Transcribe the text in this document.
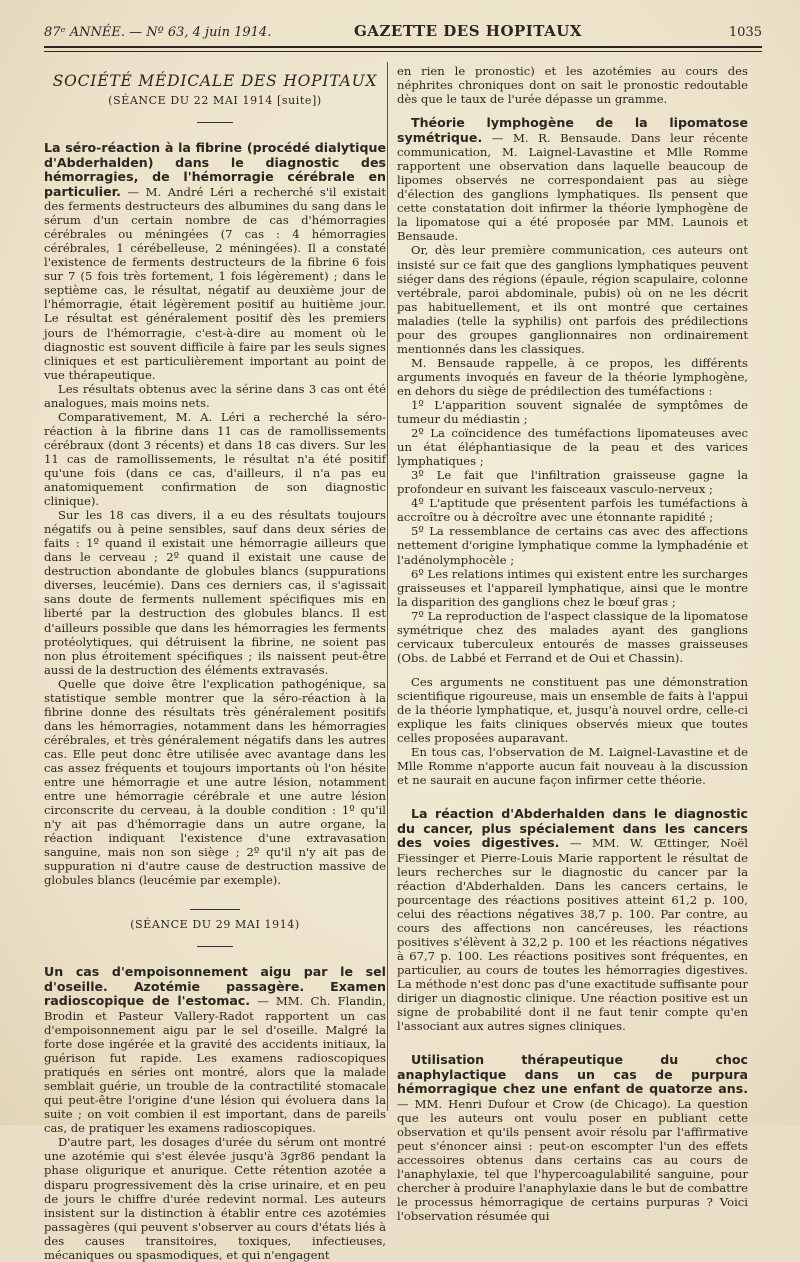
87ᵉ ANNÉE. — Nº 63, 4 juin 1914.	GAZETTE DES HOPITAUX	1035
SOCIÉTÉ MÉDICALE DES HOPITAUX
(SÉANCE DU 22 MAI 1914 [suite])

La séro-réaction à la fibrine (procédé dialytique d'Abderhalden) dans le diagnostic des hémorragies, de l'hémorragie cérébrale en particulier. — M. André Léri a recherché s'il existait des ferments destructeurs des albumines du sang dans le sérum d'un certain nombre de cas d'hémorragies cérébrales ou méningées (7 cas : 4 hémorragies cérébrales, 1 cérébelleuse, 2 méningées). Il a constaté l'existence de ferments destructeurs de la fibrine 6 fois sur 7 (5 fois très fortement, 1 fois légèrement) ; dans le septième cas, le résultat, négatif au deuxième jour de l'hémorragie, était légèrement positif au huitième jour. Le résultat est généralement positif dès les premiers jours de l'hémorragie, c'est-à-dire au moment où le diagnostic est souvent difficile à faire par les seuls signes cliniques et est particulièrement important au point de vue thérapeutique.

Les résultats obtenus avec la sérine dans 3 cas ont été analogues, mais moins nets.

Comparativement, M. A. Léri a recherché la séro-réaction à la fibrine dans 11 cas de ramollissements cérébraux (dont 3 récents) et dans 18 cas divers. Sur les 11 cas de ramollissements, le résultat n'a été positif qu'une fois (dans ce cas, d'ailleurs, il n'a pas eu anatomiquement confirmation de son diagnostic clinique).

Sur les 18 cas divers, il a eu des résultats toujours négatifs ou à peine sensibles, sauf dans deux séries de faits : 1º quand il existait une hémorragie ailleurs que dans le cerveau ; 2º quand il existait une cause de destruction abondante de globules blancs (suppurations diverses, leucémie). Dans ces derniers cas, il s'agissait sans doute de ferments nullement spécifiques mis en liberté par la destruction des globules blancs. Il est d'ailleurs possible que dans les hémorragies les ferments protéolytiques, qui détruisent la fibrine, ne soient pas non plus étroitement spécifiques ; ils naissent peut-être aussi de la destruction des éléments extravasés.

Quelle que doive être l'explication pathogénique, sa statistique semble montrer que la séro-réaction à la fibrine donne des résultats très généralement positifs dans les hémorragies, notamment dans les hémorragies cérébrales, et très généralement négatifs dans les autres cas. Elle peut donc être utilisée avec avantage dans les cas assez fréquents et toujours importants où l'on hésite entre une hémorragie et une autre lésion, notamment entre une hémorragie cérébrale et une autre lésion circonscrite du cerveau, à la double condition : 1º qu'il n'y ait pas d'hémorragie dans un autre organe, la réaction indiquant l'existence d'une extravasation sanguine, mais non son siège ; 2º qu'il n'y ait pas de suppuration ni d'autre cause de destruction massive de globules blancs (leucémie par exemple).

(SÉANCE DU 29 MAI 1914)

Un cas d'empoisonnement aigu par le sel d'oseille. Azotémie passagère. Examen radioscopique de l'estomac. — MM. Ch. Flandin, Brodin et Pasteur Vallery-Radot rapportent un cas d'empoisonnement aigu par le sel d'oseille. Malgré la forte dose ingérée et la gravité des accidents initiaux, la guérison fut rapide. Les examens radioscopiques pratiqués en séries ont montré, alors que la malade semblait guérie, un trouble de la contractilité stomacale qui peut-être l'origine d'une lésion qui évoluera dans la suite ; on voit combien il est important, dans de pareils cas, de pratiquer les examens radioscopiques.

D'autre part, les dosages d'urée du sérum ont montré une azotémie qui s'est élevée jusqu'à 3gr86 pendant la phase oligurique et anurique. Cette rétention azotée a disparu progressivement dès la crise urinaire, et en peu de jours le chiffre d'urée redevint normal. Les auteurs insistent sur la distinction à établir entre ces azotémies passagères (qui peuvent s'observer au cours d'états liés à des causes transitoires, toxiques, infectieuses, mécaniques ou spasmodiques, et qui n'engagent

en rien le pronostic) et les azotémies au cours des néphrites chroniques dont on sait le pronostic redoutable dès que le taux de l'urée dépasse un gramme.

Théorie lymphogène de la lipomatose symétrique. — M. R. Bensaude. Dans leur récente communication, M. Laignel-Lavastine et Mlle Romme rapportent une observation dans laquelle beaucoup de lipomes observés ne correspondaient pas au siège d'élection des ganglions lymphatiques. Ils pensent que cette constatation doit infirmer la théorie lymphogène de la lipomatose qui a été proposée par MM. Launois et Bensaude.

Or, dès leur première communication, ces auteurs ont insisté sur ce fait que des ganglions lymphatiques peuvent siéger dans des régions (épaule, région scapulaire, colonne vertébrale, paroi abdominale, pubis) où on ne les décrit pas habituellement, et ils ont montré que certaines maladies (telle la syphilis) ont parfois des prédilections pour des groupes ganglionnaires non ordinairement mentionnés dans les classiques.

M. Bensaude rappelle, à ce propos, les différents arguments invoqués en faveur de la théorie lymphogène, en dehors du siège de prédilection des tuméfactions :

1º L'apparition souvent signalée de symptômes de tumeur du médiastin ;

2º La coïncidence des tuméfactions lipomateuses avec un état éléphantiasique de la peau et des varices lymphatiques ;

3º Le fait que l'infiltration graisseuse gagne la profondeur en suivant les faisceaux vasculo-nerveux ;

4º L'aptitude que présentent parfois les tuméfactions à accroître ou à décroître avec une étonnante rapidité ;

5º La ressemblance de certains cas avec des affections nettement d'origine lymphatique comme la lymphadénie et l'adénolymphocèle ;

6º Les relations intimes qui existent entre les surcharges graisseuses et l'appareil lymphatique, ainsi que le montre la disparition des ganglions chez le bœuf gras ;

7º La reproduction de l'aspect classique de la lipomatose symétrique chez des malades ayant des ganglions cervicaux tuberculeux entourés de masses graisseuses (Obs. de Labbé et Ferrand et de Oui et Chassin).

Ces arguments ne constituent pas une démonstration scientifique rigoureuse, mais un ensemble de faits à l'appui de la théorie lymphatique, et, jusqu'à nouvel ordre, celle-ci explique les faits cliniques observés mieux que toutes celles proposées auparavant.

En tous cas, l'observation de M. Laignel-Lavastine et de Mlle Romme n'apporte aucun fait nouveau à la discussion et ne saurait en aucune façon infirmer cette théorie.

La réaction d'Abderhalden dans le diagnostic du cancer, plus spécialement dans les cancers des voies digestives. — MM. W. Œttinger, Noël Fiessinger et Pierre-Louis Marie rapportent le résultat de leurs recherches sur le diagnostic du cancer par la réaction d'Abderhalden. Dans les cancers certains, le pourcentage des réactions positives atteint 61,2 p. 100, celui des réactions négatives 38,7 p. 100. Par contre, au cours des affections non cancéreuses, les réactions positives s'élèvent à 32,2 p. 100 et les réactions négatives à 67,7 p. 100. Les réactions positives sont fréquentes, en particulier, au cours de toutes les hémorragies digestives. La méthode n'est donc pas d'une exactitude suffisante pour diriger un diagnostic clinique. Une réaction positive est un signe de probabilité dont il ne faut tenir compte qu'en l'associant aux autres signes cliniques.

Utilisation thérapeutique du choc anaphylactique dans un cas de purpura hémorragique chez une enfant de quatorze ans. — MM. Henri Dufour et Crow (de Chicago). La question que les auteurs ont voulu poser en publiant cette observation et qu'ils pensent avoir résolu par l'affirmative peut s'énoncer ainsi : peut-on escompter l'un des effets accessoires obtenus dans certains cas au cours de l'anaphylaxie, tel que l'hypercoagulabilité sanguine, pour chercher à produire l'anaphylaxie dans le but de combattre le processus hémorragique de certains purpuras ? Voici l'observation résumée qui
